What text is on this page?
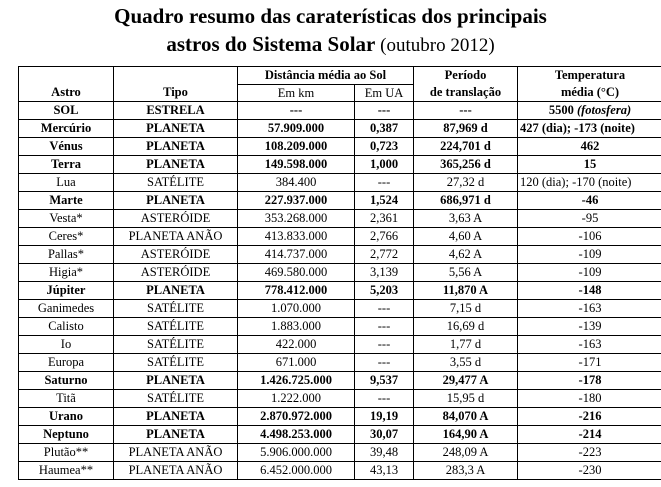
Quadro resumo das caraterísticas dos principais
astros do Sistema Solar (outubro 2012)
Astro	Tipo	Distância média ao Sol		Período
de translação	Temperatura
média (°C)
		Em km	Em UA		
SOL	ESTRELA	---	---	---	5500 (fotosfera)
Mercúrio	PLANETA	57.909.000	0,387	87,969 d	427 (dia); -173 (noite)
Vénus	PLANETA	108.209.000	0,723	224,701 d	462
Terra	PLANETA	149.598.000	1,000	365,256 d	15
Lua	SATÉLITE	384.400	---	27,32 d	120 (dia); -170 (noite)
Marte	PLANETA	227.937.000	1,524	686,971 d	-46
Vesta*	ASTERÓIDE	353.268.000	2,361	3,63 A	-95
Ceres*	PLANETA ANÃO	413.833.000	2,766	4,60 A	-106
Pallas*	ASTERÓIDE	414.737.000	2,772	4,62 A	-109
Higia*	ASTERÓIDE	469.580.000	3,139	5,56 A	-109
Júpiter	PLANETA	778.412.000	5,203	11,870 A	-148
Ganimedes	SATÉLITE	1.070.000	---	7,15 d	-163
Calisto	SATÉLITE	1.883.000	---	16,69 d	-139
Io	SATÉLITE	422.000	---	1,77 d	-163
Europa	SATÉLITE	671.000	---	3,55 d	-171
Saturno	PLANETA	1.426.725.000	9,537	29,477 A	-178
Titã	SATÉLITE	1.222.000	---	15,95 d	-180
Urano	PLANETA	2.870.972.000	19,19	84,070 A	-216
Neptuno	PLANETA	4.498.253.000	30,07	164,90 A	-214
Plutão**	PLANETA ANÃO	5.906.000.000	39,48	248,09 A	-223
Haumea**	PLANETA ANÃO	6.452.000.000	43,13	283,3 A	-230
